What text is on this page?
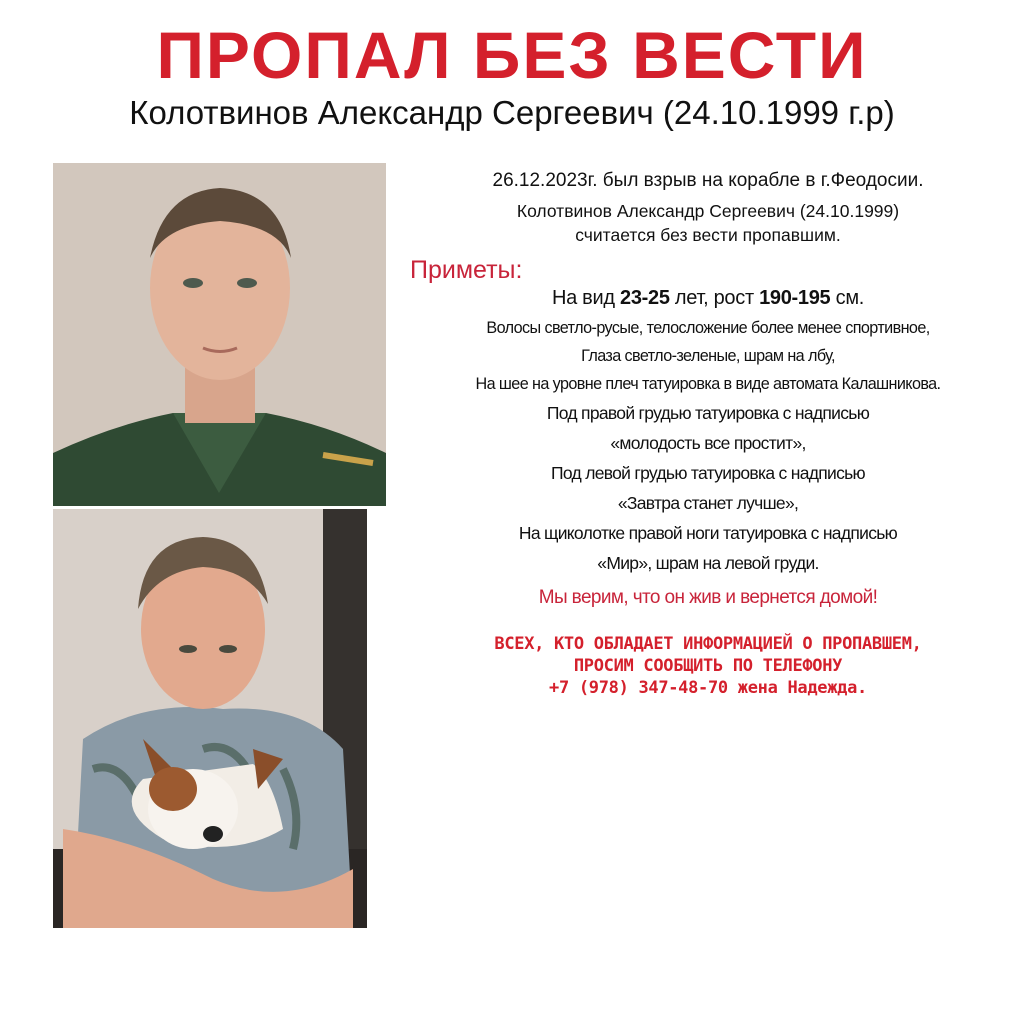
ПРОПАЛ БЕЗ ВЕСТИ
Колотвинов Александр Сергеевич (24.10.1999 г.р)
26.12.2023г. был взрыв на корабле в г.Феодосии.
Колотвинов Александр Сергеевич (24.10.1999)
считается без вести пропавшим.
Приметы:
На вид 23-25 лет, рост 190-195 см.
Волосы светло-русые, телосложение более менее спортивное,
Глаза светло-зеленые, шрам на лбу,
На шее на уровне плеч татуировка в виде автомата Калашникова.
Под правой грудью татуировка с надписью
«молодость все простит»,
Под левой грудью татуировка с надписью
«Завтра станет лучше»,
На щиколотке правой ноги татуировка с надписью
«Мир», шрам на левой груди.
Мы верим, что он жив и вернется домой!
ВСЕХ, КТО ОБЛАДАЕТ ИНФОРМАЦИЕЙ О ПРОПАВШЕМ,
ПРОСИМ СООБЩИТЬ ПО ТЕЛЕФОНУ
+7 (978) 347-48-70 жена Надежда.
